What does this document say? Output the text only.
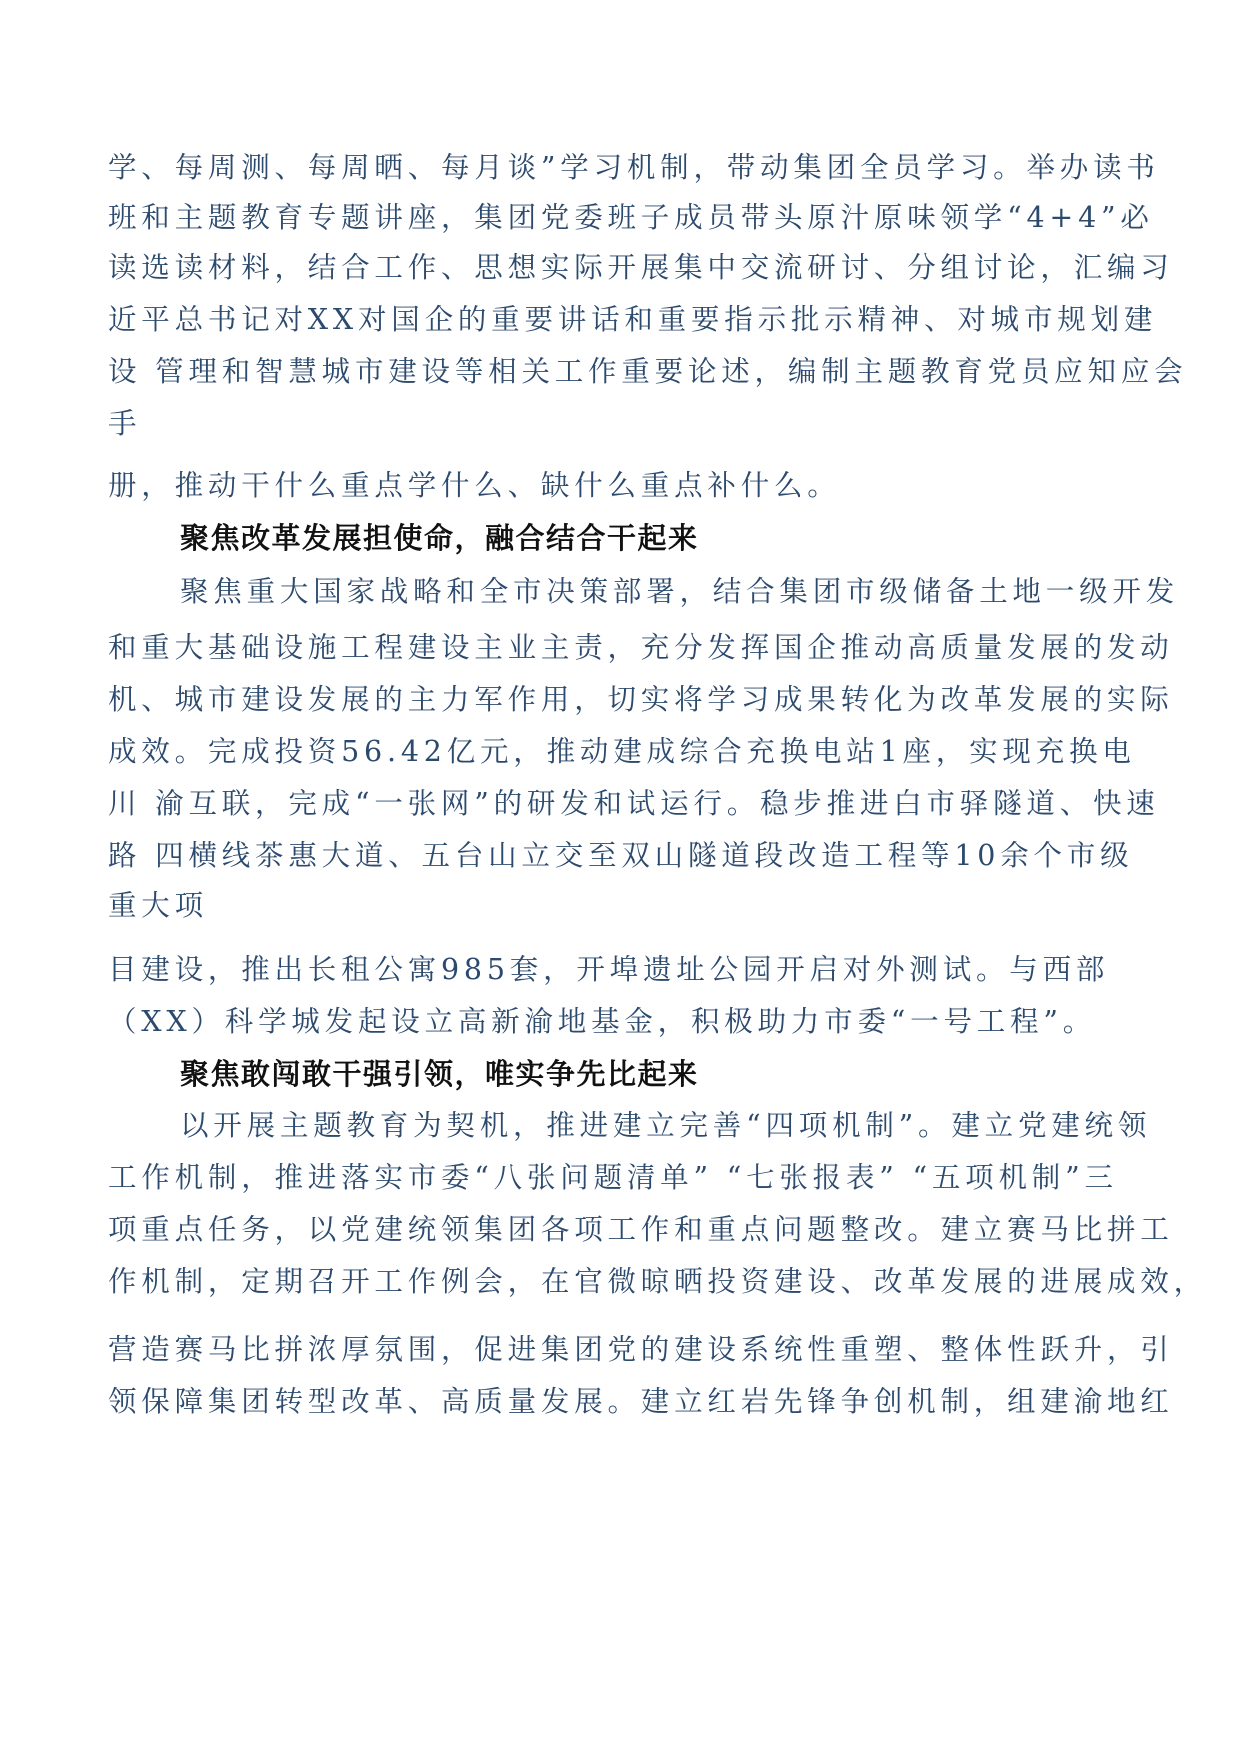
学、每周测、每周晒、每月谈”学习机制，带动集团全员学习。举办读书
班和主题教育专题讲座，集团党委班子成员带头原汁原味领学“4+4”必
读选读材料，结合工作、思想实际开展集中交流研讨、分组讨论，汇编习
近平总书记对XX对国企的重要讲话和重要指示批示精神、对城市规划建
设 管理和智慧城市建设等相关工作重要论述，编制主题教育党员应知应会
手
册，推动干什么重点学什么、缺什么重点补什么。
聚焦改革发展担使命，融合结合干起来
聚焦重大国家战略和全市决策部署，结合集团市级储备土地一级开发
和重大基础设施工程建设主业主责，充分发挥国企推动高质量发展的发动
机、城市建设发展的主力军作用，切实将学习成果转化为改革发展的实际
成效。完成投资56.42亿元，推动建成综合充换电站1座，实现充换电
川 渝互联，完成“一张网”的研发和试运行。稳步推进白市驿隧道、快速
路 四横线茶惠大道、五台山立交至双山隧道段改造工程等10余个市级
重大项
目建设，推出长租公寓985套，开埠遗址公园开启对外测试。与西部
（XX）科学城发起设立高新渝地基金，积极助力市委“一号工程”。
聚焦敢闯敢干强引领，唯实争先比起来
以开展主题教育为契机，推进建立完善“四项机制”。建立党建统领
工作机制，推进落实市委“八张问题清单” “七张报表” “五项机制”三
项重点任务，以党建统领集团各项工作和重点问题整改。建立赛马比拼工
作机制，定期召开工作例会，在官微晾晒投资建设、改革发展的进展成效，
营造赛马比拼浓厚氛围，促进集团党的建设系统性重塑、整体性跃升，引
领保障集团转型改革、高质量发展。建立红岩先锋争创机制，组建渝地红
